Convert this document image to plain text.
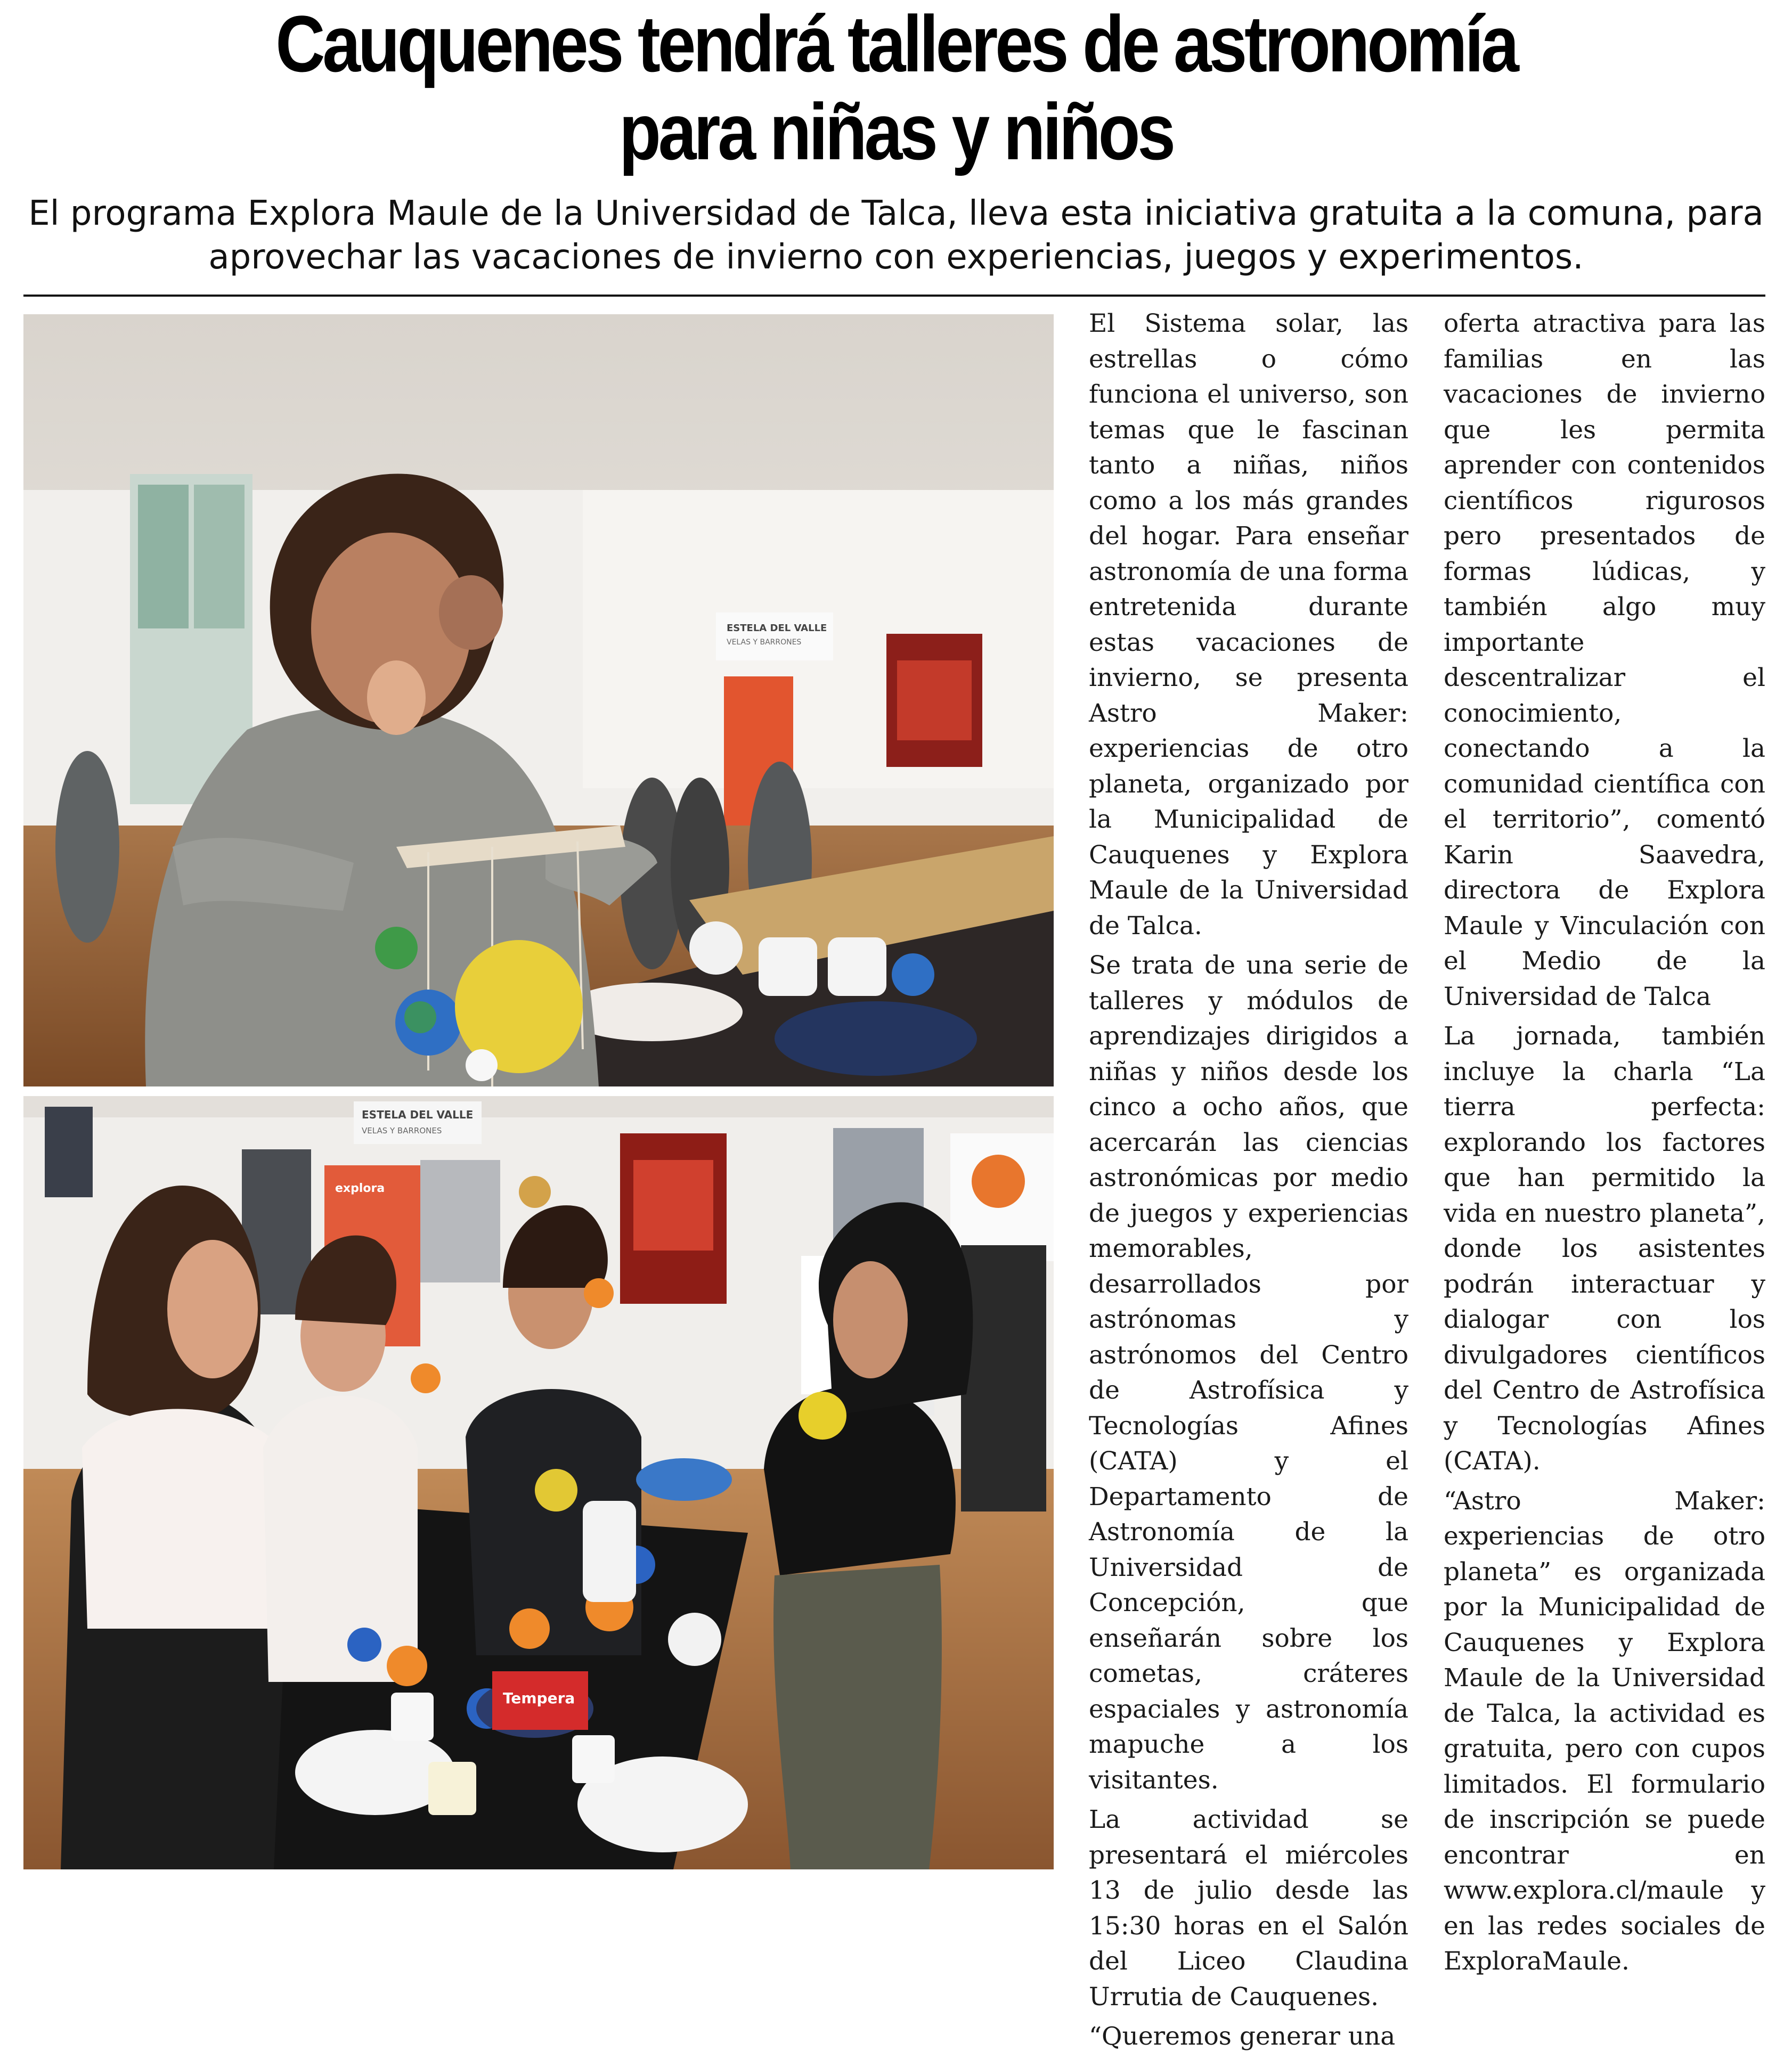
Cauquenes tendrá talleres de astronomía
para niñas y niños
El programa Explora Maule de la Universidad de Talca, lleva esta iniciativa gratuita a la comuna, para
aprovechar las vacaciones de invierno con experiencias, juegos y experimentos.
ESTELA DEL VALLE
VELAS Y BARRONES
ESTELA DEL VALLE
VELAS Y BARRONES
explora
Tempera

El Sistema solar, las estrellas o cómo funciona el universo, son temas que le fascinan tanto a niñas, niños como a los más grandes del hogar. Para enseñar astronomía de una forma entretenida durante estas vacaciones de invierno, se presenta Astro Maker: experiencias de otro planeta, organizado por la Municipalidad de Cauquenes y Explora Maule de la Universidad de Talca.

Se trata de una serie de talleres y módulos de aprendizajes dirigidos a niñas y niños desde los cinco a ocho años, que acercarán las ciencias astronómicas por medio de juegos y experiencias memorables, desarrollados por astrónomas y astrónomos del Centro de Astrofísica y Tecnologías Afines (CATA) y el Departamento de Astronomía de la Universidad de Concepción, que enseñarán sobre los cometas, cráteres espaciales y astronomía mapuche a los visitantes.

La actividad se presentará el miércoles 13 de julio desde las 15:30 horas en el Salón del Liceo Claudina Urrutia de Cauquenes.

“Queremos generar una

oferta atractiva para las familias en las vacaciones de invierno que les permita aprender con contenidos científicos rigurosos pero presentados de formas lúdicas, y también algo muy importante descentralizar el conocimiento, conectando a la comunidad científica con el territorio”, comentó Karin Saavedra, directora de Explora Maule y Vinculación con el Medio de la Universidad de Talca

La jornada, también incluye la charla “La tierra perfecta: explorando los factores que han permitido la vida en nuestro planeta”, donde los asistentes podrán interactuar y dialogar con los divulgadores científicos del Centro de Astrofísica y Tecnologías Afines (CATA).

“Astro Maker: experiencias de otro planeta” es organizada por la Municipalidad de Cauquenes y Explora Maule de la Universidad de Talca, la actividad es gratuita, pero con cupos limitados. El formulario de inscripción se puede encontrar en www.explora.cl/maule y en las redes sociales de ExploraMaule.
